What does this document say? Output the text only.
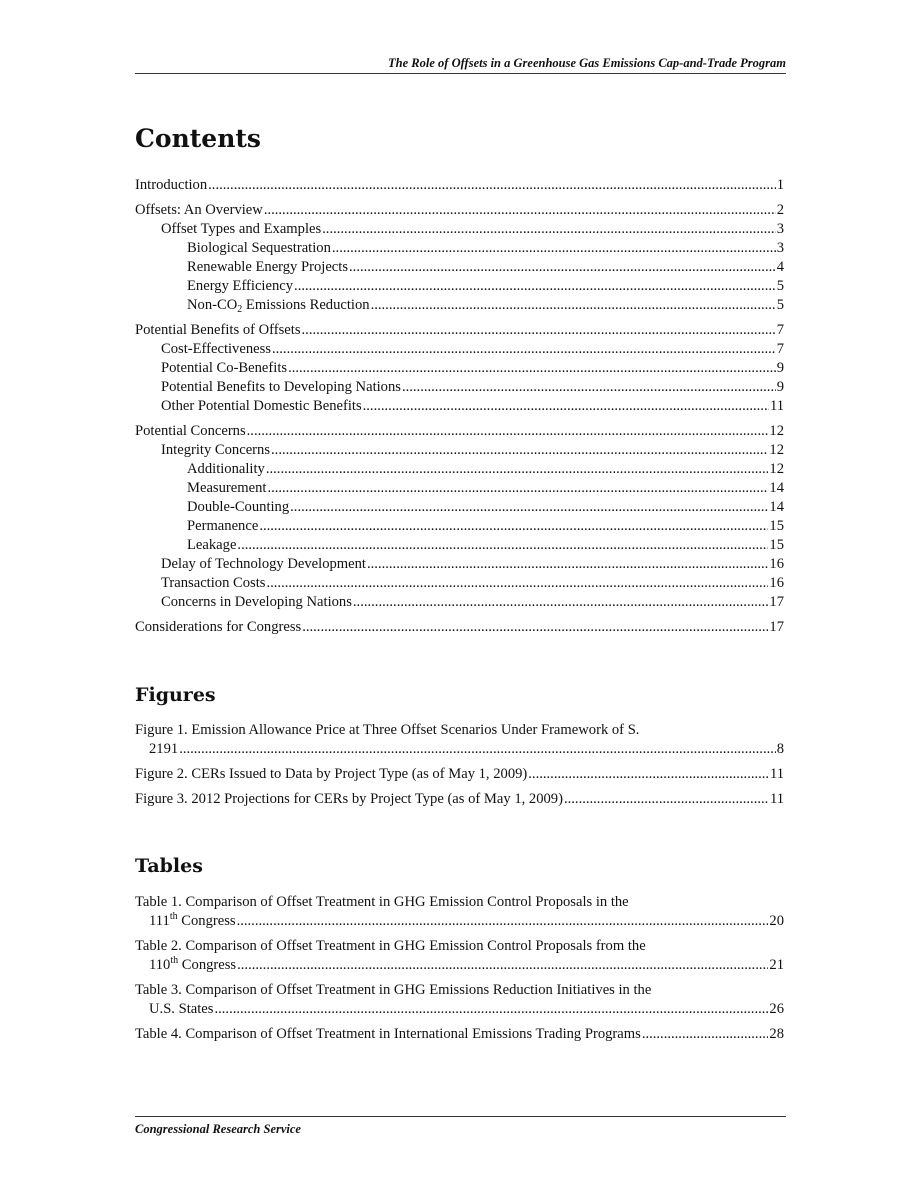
The Role of Offsets in a Greenhouse Gas Emissions Cap-and-Trade Program
Contents
Introduction .....	1
Offsets: An Overview .....	2
Offset Types and Examples .....	3
Biological Sequestration .....	3
Renewable Energy Projects .....	4
Energy Efficiency .....	5
Non-$CO_2$ Emissions Reduction .....	5
Potential Benefits of Offsets .....	7
Cost-Effectiveness .....	7
Potential Co-Benefits .....	9
Potential Benefits to Developing Nations .....	9
Other Potential Domestic Benefits .....	11
Potential Concerns .....	12
Integrity Concerns .....	12
Additionality .....	12
Measurement .....	14
Double-Counting .....	14
Permanence .....	15
Leakage .....	15
Delay of Technology Development .....	16
Transaction Costs .....	16
Concerns in Developing Nations .....	17
Considerations for Congress .....	17
Figures
Figure 1. Emission Allowance Price at Three Offset Scenarios Under Framework of S.
2191 .....	8
Figure 2. CERs Issued to Data by Project Type (as of May 1, 2009) .....	11
Figure 3. 2012 Projections for CERs by Project Type (as of May 1, 2009) .....	11
Tables
Table 1. Comparison of Offset Treatment in GHG Emission Control Proposals in the
111th Congress .....	20
Table 2. Comparison of Offset Treatment in GHG Emission Control Proposals from the
110th Congress .....	21
Table 3. Comparison of Offset Treatment in GHG Emissions Reduction Initiatives in the
U.S. States .....	26
Table 4. Comparison of Offset Treatment in International Emissions Trading Programs .....	28
Congressional Research Service
